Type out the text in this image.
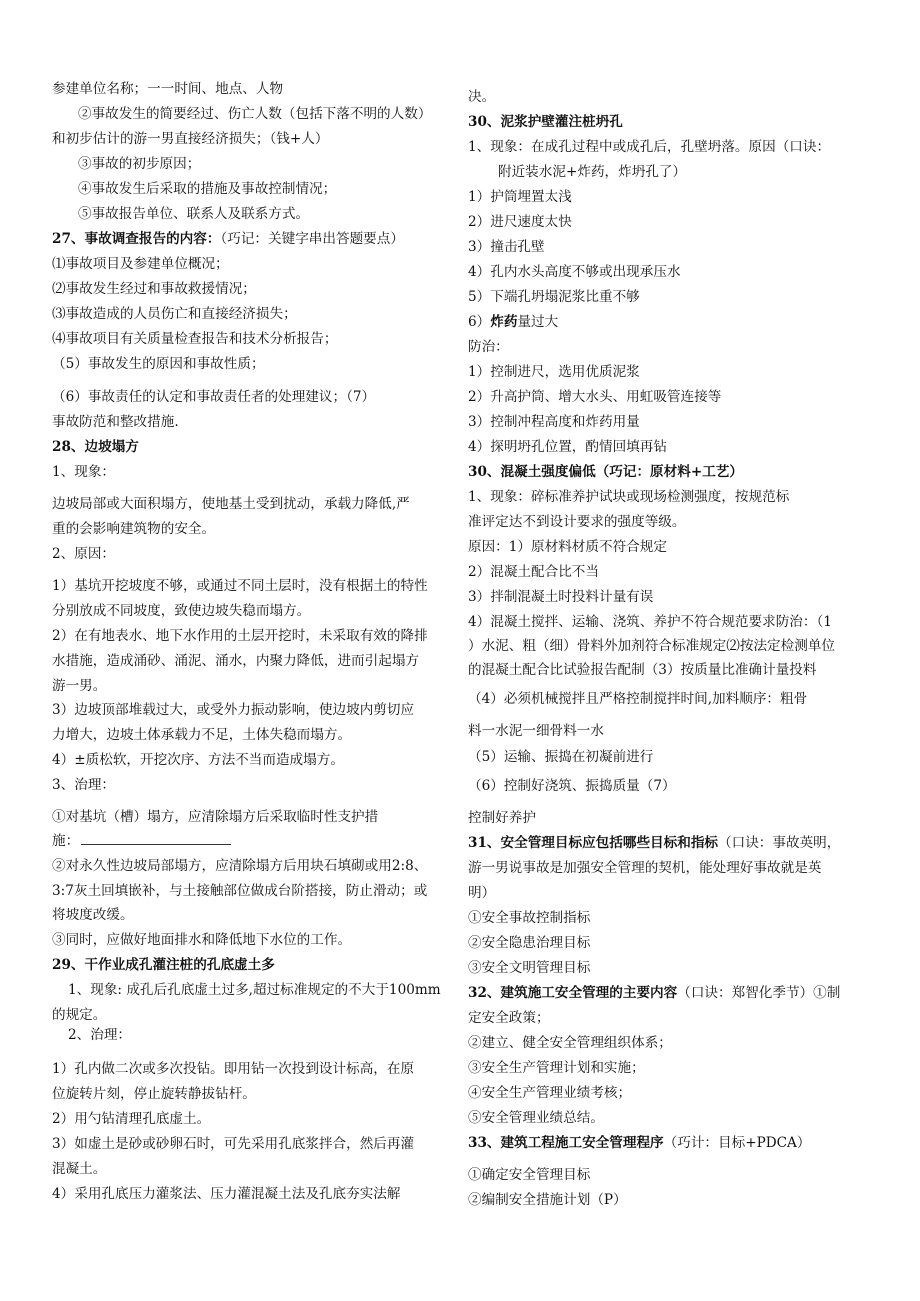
参建单位名称；一一时间、地点、人物
②事故发生的简要经过、伤亡人数（包括下落不明的人数）
和初步估计的游一男直接经济损失；（钱+人）
③事故的初步原因；
④事故发生后采取的措施及事故控制情况；
⑤事故报告单位、联系人及联系方式。
27、事故调查报告的内容：（巧记：关键字串出答题要点）
⑴事故项目及参建单位概况；
⑵事故发生经过和事故救援情况；
⑶事故造成的人员伤亡和直接经济损失；
⑷事故项目有关质量检查报告和技术分析报告；
（5）事故发生的原因和事故性质；
（6）事故责任的认定和事故责任者的处理建议；（7）
事故防范和整改措施.
28、边坡塌方
1、现象：
边坡局部或大面积塌方，使地基土受到扰动，承载力降低,严
重的会影响建筑物的安全。
2、原因：
1）基坑开挖坡度不够，或通过不同土层时，没有根据土的特性
分别放成不同坡度，致使边坡失稳而塌方。
2）在有地表水、地下水作用的土层开挖时，未采取有效的降排
水措施，造成涌砂、涌泥、涌水，内聚力降低，进而引起塌方
游一男。
3）边坡顶部堆载过大，或受外力振动影响，使边坡内剪切应
力增大，边坡土体承载力不足，土体失稳而塌方。
4）±质松软，开挖次序、方法不当而造成塌方。
3、治理：
①对基坑（槽）塌方，应清除塌方后采取临时性支护措
施：
②对永久性边坡局部塌方，应清除塌方后用块石填砌或用2:8、
3:7灰土回填嵌补，与土接触部位做成台阶搭接，防止滑动；或
将坡度改缓。
③同时，应做好地面排水和降低地下水位的工作。
29、干作业成孔灌注桩的孔底虚土多
1、现象: 成孔后孔底虚土过多,超过标准规定的不大于100mm
的规定。
2、治理：
1）孔内做二次或多次投钻。即用钻一次投到设计标高，在原
位旋转片刻，停止旋转静拔钻杆。
2）用勺钻清理孔底虚土。
3）如虚土是砂或砂卵石时，可先采用孔底浆拌合，然后再灌
混凝土。
4）采用孔底压力灌浆法、压力灌混凝土法及孔底夯实法解
决。
30、泥浆护壁灌注桩坍孔
1、现象：在成孔过程中或成孔后，孔壁坍落。原因（口诀：
附近装水泥+炸药，炸坍孔了）
1）护筒埋置太浅
2）进尺速度太快
3）撞击孔壁
4）孔内水头高度不够或出现承压水
5）下端孔坍塌泥浆比重不够
6）炸药量过大
防治：
1）控制进尺，选用优质泥浆
2）升高护筒、增大水头、用虹吸管连接等
3）控制冲程高度和炸药用量
4）探明坍孔位置，酌情回填再钻
30、混凝土强度偏低（巧记：原材料+工艺）
1、现象：碎标准养护试块或现场检测强度，按规范标
准评定达不到设计要求的强度等级。
原因：1）原材料材质不符合规定
2）混凝土配合比不当
3）拌制混凝土时投料计量有误
4）混凝土搅拌、运输、浇筑、养护不符合规范要求防治：（1
）水泥、粗（细）骨料外加剂符合标准规定⑵按法定检测单位
的混凝土配合比试验报告配制（3）按质量比准确计量投料
（4）必须机械搅拌且严格控制搅拌时间,加料顺序：粗骨
料一水泥一细骨料一水
（5）运输、振捣在初凝前进行
（6）控制好浇筑、振捣质量（7）
控制好养护
31、安全管理目标应包括哪些目标和指标（口诀：事故英明，
游一男说事故是加强安全管理的契机，能处理好事故就是英
明）
①安全事故控制指标
②安全隐患治理目标
③安全文明管理目标
32、建筑施工安全管理的主要内容（口诀：郑智化季节）①制
定安全政策；
②建立、健全安全管理组织体系；
③安全生产管理计划和实施；
④安全生产管理业绩考核；
⑤安全管理业绩总结。
33、建筑工程施工安全管理程序（巧计：目标+PDCA）
①确定安全管理目标
②编制安全措施计划（P）
